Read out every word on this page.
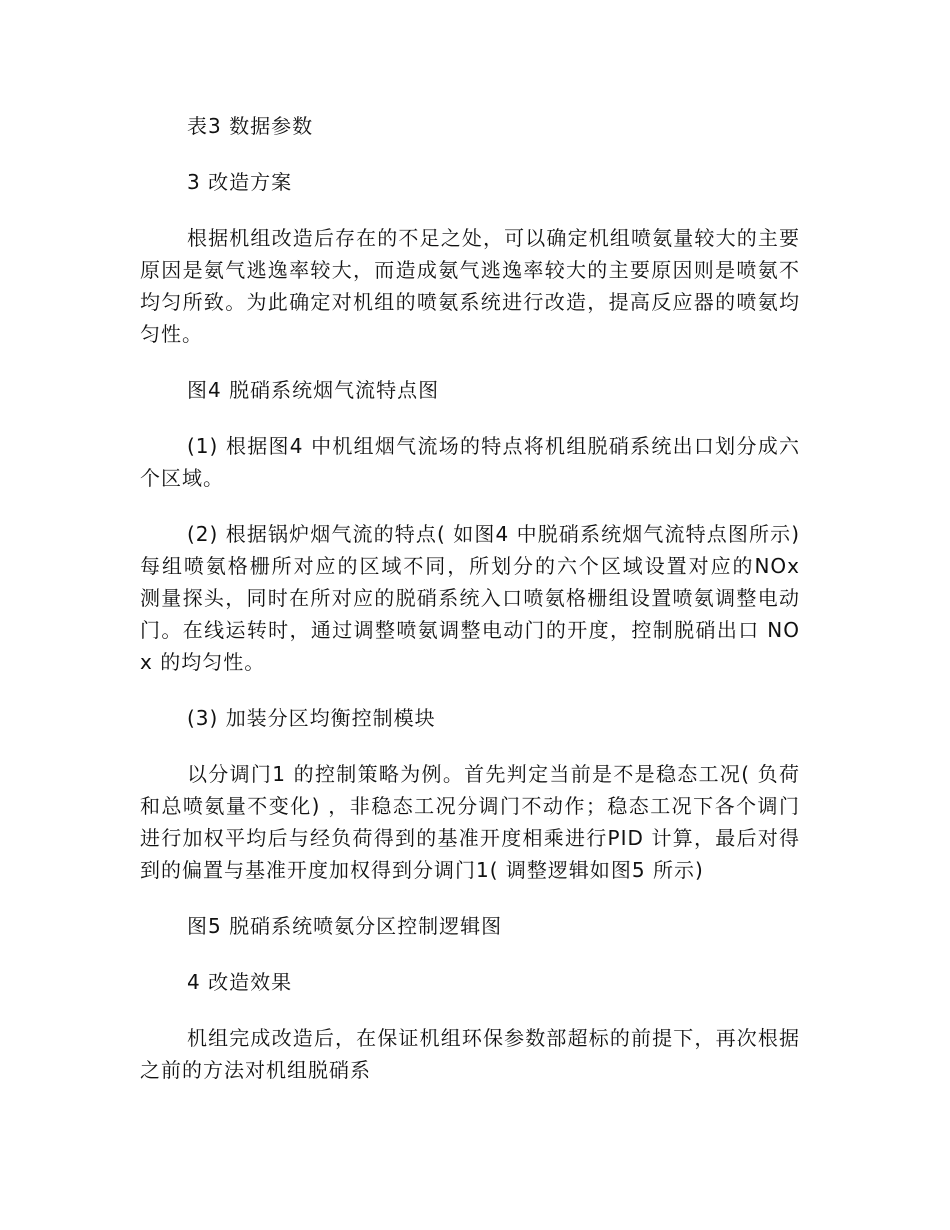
表3 数据参数

3 改造方案

根据机组改造后存在的不足之处，可以确定机组喷氨量较大的主要原因是氨气逃逸率较大，而造成氨气逃逸率较大的主要原因则是喷氨不均匀所致。为此确定对机组的喷氨系统进行改造，提高反应器的喷氨均匀性。

图4 脱硝系统烟气流特点图

(1) 根据图4 中机组烟气流场的特点将机组脱硝系统出口划分成六个区域。

(2) 根据锅炉烟气流的特点( 如图4 中脱硝系统烟气流特点图所示) 每组喷氨格栅所对应的区域不同，所划分的六个区域设置对应的NOx 测量探头，同时在所对应的脱硝系统入口喷氨格栅组设置喷氨调整电动门。在线运转时，通过调整喷氨调整电动门的开度，控制脱硝出口 NOx 的均匀性。

(3) 加装分区均衡控制模块

以分调门1 的控制策略为例。首先判定当前是不是稳态工况( 负荷和总喷氨量不变化) ，非稳态工况分调门不动作；稳态工况下各个调门进行加权平均后与经负荷得到的基准开度相乘进行PID 计算，最后对得到的偏置与基准开度加权得到分调门1( 调整逻辑如图5 所示)

图5 脱硝系统喷氨分区控制逻辑图

4 改造效果

机组完成改造后，在保证机组环保参数部超标的前提下，再次根据之前的方法对机组脱硝系
